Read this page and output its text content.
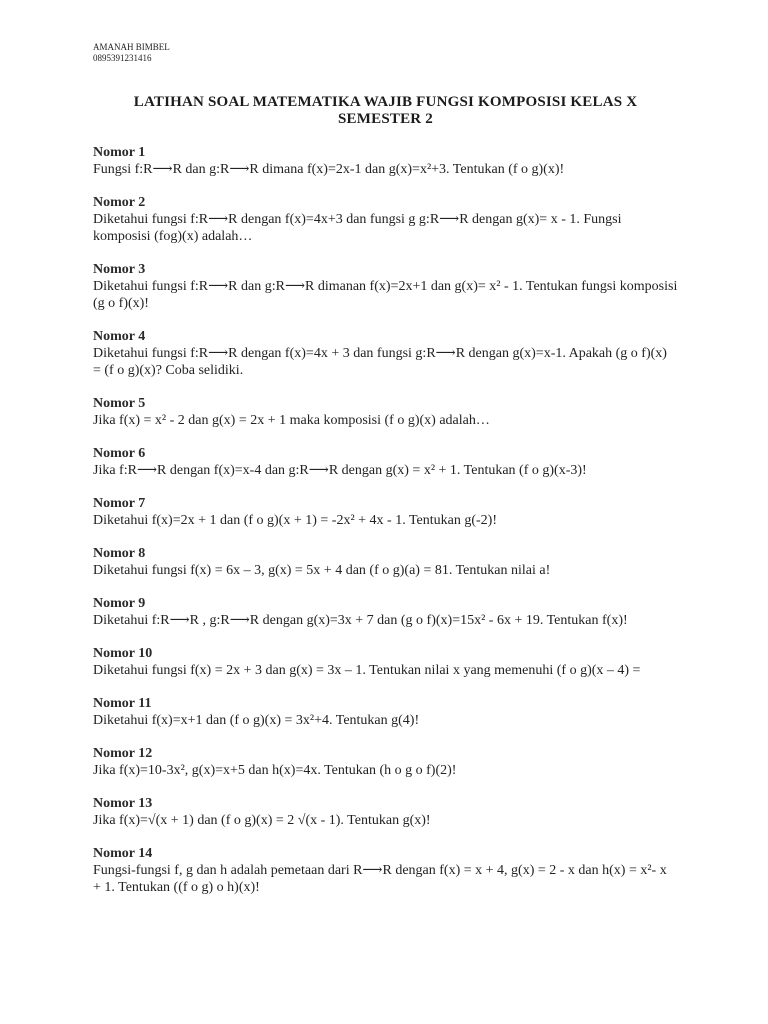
AMANAH BIMBEL
0895391231416
LATIHAN SOAL MATEMATIKA WAJIB FUNGSI KOMPOSISI KELAS X
SEMESTER 2
Nomor 1
Fungsi f:R⟶R dan g:R⟶R dimana f(x)=2x-1 dan g(x)=x²+3. Tentukan (f o g)(x)!
Nomor 2
Diketahui fungsi f:R⟶R dengan f(x)=4x+3 dan fungsi g g:R⟶R dengan g(x)= x - 1. Fungsi komposisi (fog)(x) adalah…
Nomor 3
Diketahui fungsi f:R⟶R dan g:R⟶R dimanan f(x)=2x+1 dan g(x)= x² - 1. Tentukan fungsi komposisi (g o f)(x)!
Nomor 4
Diketahui fungsi f:R⟶R dengan f(x)=4x + 3 dan fungsi g:R⟶R dengan g(x)=x-1. Apakah (g o f)(x) = (f o g)(x)? Coba selidiki.
Nomor 5
Jika f(x) = x² - 2 dan g(x) = 2x + 1 maka komposisi (f o g)(x) adalah…
Nomor 6
Jika f:R⟶R dengan f(x)=x-4 dan g:R⟶R dengan g(x) = x² + 1. Tentukan (f o g)(x-3)!
Nomor 7
Diketahui f(x)=2x + 1 dan (f o g)(x + 1) = -2x² + 4x - 1. Tentukan g(-2)!
Nomor 8
Diketahui fungsi f(x) = 6x – 3, g(x) = 5x + 4 dan (f o g)(a) = 81. Tentukan nilai a!
Nomor 9
Diketahui f:R⟶R , g:R⟶R dengan g(x)=3x + 7 dan (g o f)(x)=15x² - 6x + 19. Tentukan f(x)!
Nomor 10
Diketahui fungsi f(x) = 2x + 3 dan g(x) = 3x – 1. Tentukan nilai x yang memenuhi (f o g)(x – 4) =
Nomor 11
Diketahui f(x)=x+1 dan (f o g)(x) = 3x²+4. Tentukan g(4)!
Nomor 12
Jika f(x)=10-3x², g(x)=x+5 dan h(x)=4x. Tentukan (h o g o f)(2)!
Nomor 13
Jika f(x)=√(x + 1) dan (f o g)(x) = 2 √(x - 1). Tentukan g(x)!
Nomor 14
Fungsi-fungsi f, g dan h adalah pemetaan dari R⟶R dengan f(x) = x + 4, g(x) = 2 - x dan h(x) = x²- x + 1. Tentukan ((f o g) o h)(x)!
